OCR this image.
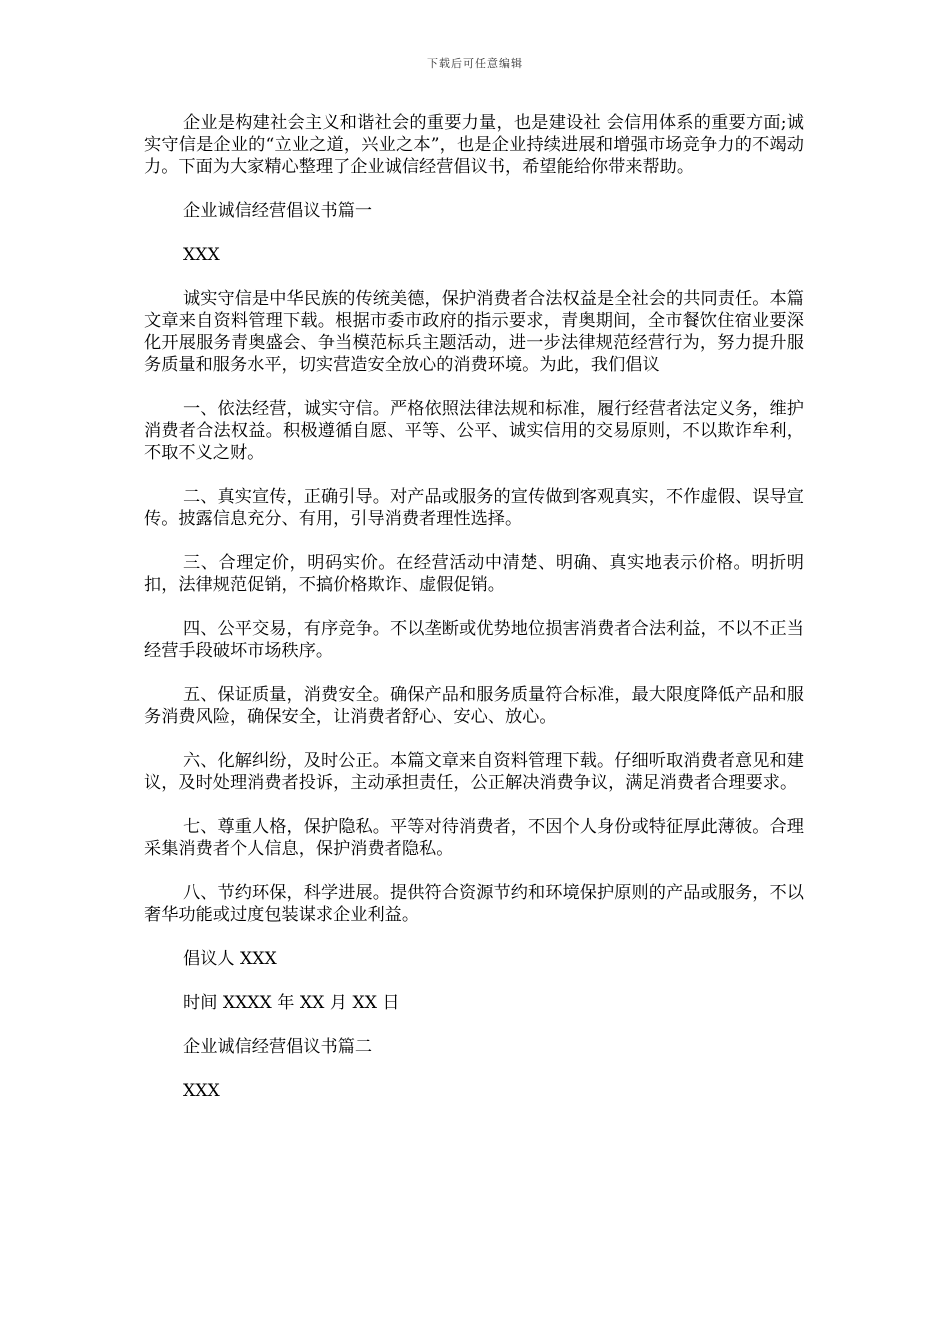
下载后可任意编辑

企业是构建社会主义和谐社会的重要力量，也是建设社 会信用体系的重要方面;诚实守信是企业的“立业之道，兴业之本”，也是企业持续进展和增强市场竞争力的不竭动力。下面为大家精心整理了企业诚信经营倡议书，希望能给你带来帮助。

企业诚信经营倡议书篇一

XXX

诚实守信是中华民族的传统美德，保护消费者合法权益是全社会的共同责任。本篇文章来自资料管理下载。根据市委市政府的指示要求，青奥期间，全市餐饮住宿业要深化开展服务青奥盛会、争当模范标兵主题活动，进一步法律规范经营行为，努力提升服务质量和服务水平，切实营造安全放心的消费环境。为此，我们倡议

一、依法经营，诚实守信。严格依照法律法规和标准，履行经营者法定义务，维护消费者合法权益。积极遵循自愿、平等、公平、诚实信用的交易原则，不以欺诈牟利，不取不义之财。

二、真实宣传，正确引导。对产品或服务的宣传做到客观真实，不作虚假、误导宣传。披露信息充分、有用，引导消费者理性选择。

三、合理定价，明码实价。在经营活动中清楚、明确、真实地表示价格。明折明扣，法律规范促销，不搞价格欺诈、虚假促销。

四、公平交易，有序竞争。不以垄断或优势地位损害消费者合法利益，不以不正当经营手段破坏市场秩序。

五、保证质量，消费安全。确保产品和服务质量符合标准，最大限度降低产品和服务消费风险，确保安全，让消费者舒心、安心、放心。

六、化解纠纷，及时公正。本篇文章来自资料管理下载。仔细听取消费者意见和建议，及时处理消费者投诉，主动承担责任，公正解决消费争议，满足消费者合理要求。

七、尊重人格，保护隐私。平等对待消费者，不因个人身份或特征厚此薄彼。合理采集消费者个人信息，保护消费者隐私。

八、节约环保，科学进展。提供符合资源节约和环境保护原则的产品或服务，不以奢华功能或过度包装谋求企业利益。

倡议人 XXX

时间 XXXX 年 XX 月 XX 日

企业诚信经营倡议书篇二

XXX
